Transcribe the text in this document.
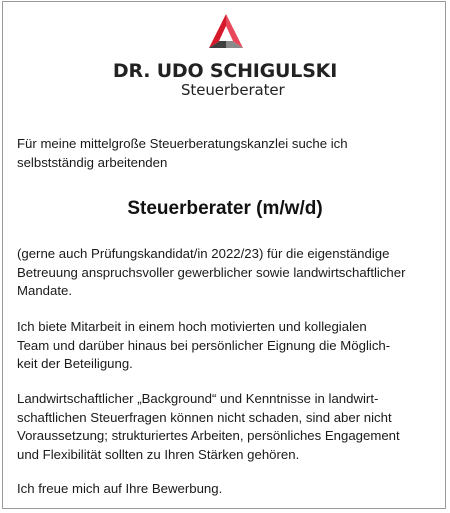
DR. UDO SCHIGULSKI
Steuerberater

Für meine mittelgroße Steuerberatungskanzlei suche ich
selbstständig arbeitenden

Steuerberater (m/w/d)

(gerne auch Prüfungskandidat/in 2022/23) für die eigenständige
Betreuung anspruchsvoller gewerblicher sowie landwirtschaftlicher
Mandate.

Ich biete Mitarbeit in einem hoch motivierten und kollegialen
Team und darüber hinaus bei persönlicher Eignung die Möglich-
keit der Beteiligung.

Landwirtschaftlicher „Background“ und Kenntnisse in landwirt-
schaftlichen Steuerfragen können nicht schaden, sind aber nicht
Voraussetzung; strukturiertes Arbeiten, persönliches Engagement
und Flexibilität sollten zu Ihren Stärken gehören.

Ich freue mich auf Ihre Bewerbung.
